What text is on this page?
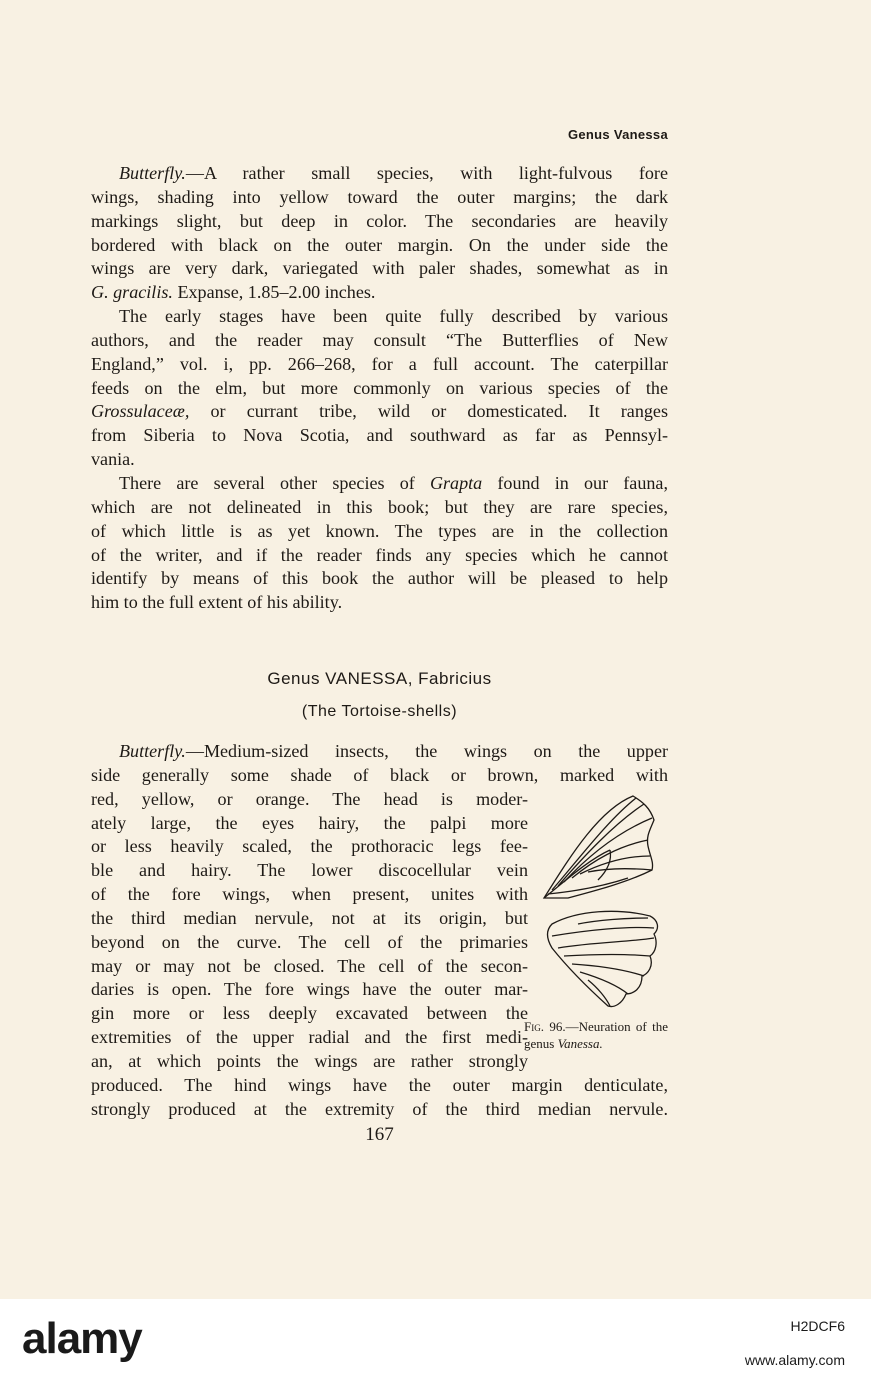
Genus Vanessa
Butterfly.—A rather small species, with light-fulvous fore
wings, shading into yellow toward the outer margins; the dark
markings slight, but deep in color. The secondaries are heavily
bordered with black on the outer margin. On the under side the
wings are very dark, variegated with paler shades, somewhat as in
G. gracilis. Expanse, 1.85–2.00 inches.
The early stages have been quite fully described by various
authors, and the reader may consult “The Butterflies of New
England,” vol. i, pp. 266–268, for a full account. The caterpillar
feeds on the elm, but more commonly on various species of the
Grossulaceæ, or currant tribe, wild or domesticated. It ranges
from Siberia to Nova Scotia, and southward as far as Pennsyl-
vania.
There are several other species of Grapta found in our fauna,
which are not delineated in this book; but they are rare species,
of which little is as yet known. The types are in the collection
of the writer, and if the reader finds any species which he cannot
identify by means of this book the author will be pleased to help
him to the full extent of his ability.
Genus VANESSA, Fabricius
(The Tortoise-shells)
Butterfly.—Medium-sized insects, the wings on the upper
side generally some shade of black or brown, marked with
red, yellow, or orange. The head is moder-
ately large, the eyes hairy, the palpi more
or less heavily scaled, the prothoracic legs fee-
ble and hairy. The lower discocellular vein
of the fore wings, when present, unites with
the third median nervule, not at its origin, but
beyond on the curve. The cell of the primaries
may or may not be closed. The cell of the secon-
daries is open. The fore wings have the outer mar-
gin more or less deeply excavated between the
extremities of the upper radial and the first medi-
an, at which points the wings are rather strongly
produced. The hind wings have the outer margin denticulate,
strongly produced at the extremity of the third median nervule.
Fig. 96.—Neuration of the genus Vanessa.
167
alamy	H2DCF6
www.alamy.com
